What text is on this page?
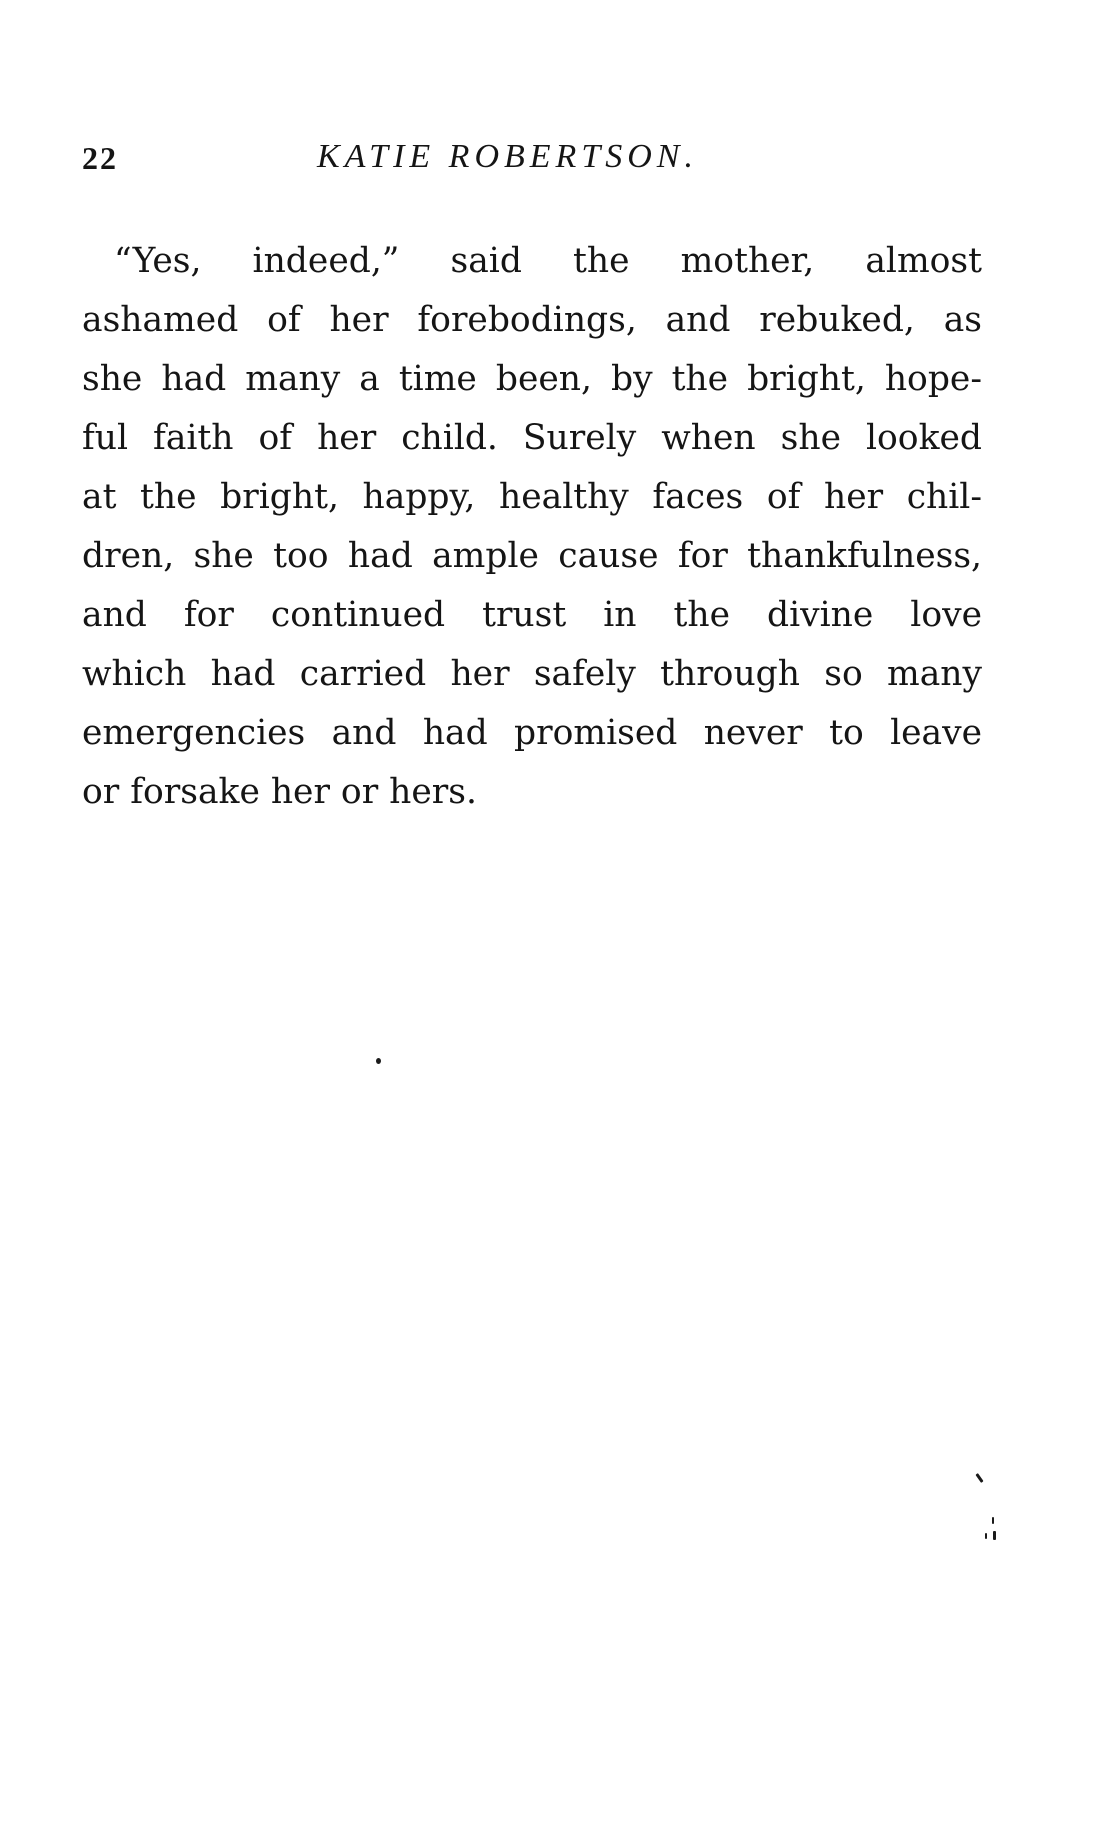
22	KATIE ROBERTSON.
“Yes, indeed,” said the mother, almost
ashamed of her forebodings, and rebuked, as
she had many a time been, by the bright, hope-
ful faith of her child. Surely when she looked
at the bright, happy, healthy faces of her chil-
dren, she too had ample cause for thankfulness,
and for continued trust in the divine love
which had carried her safely through so many
emergencies and had promised never to leave
or forsake her or hers.
